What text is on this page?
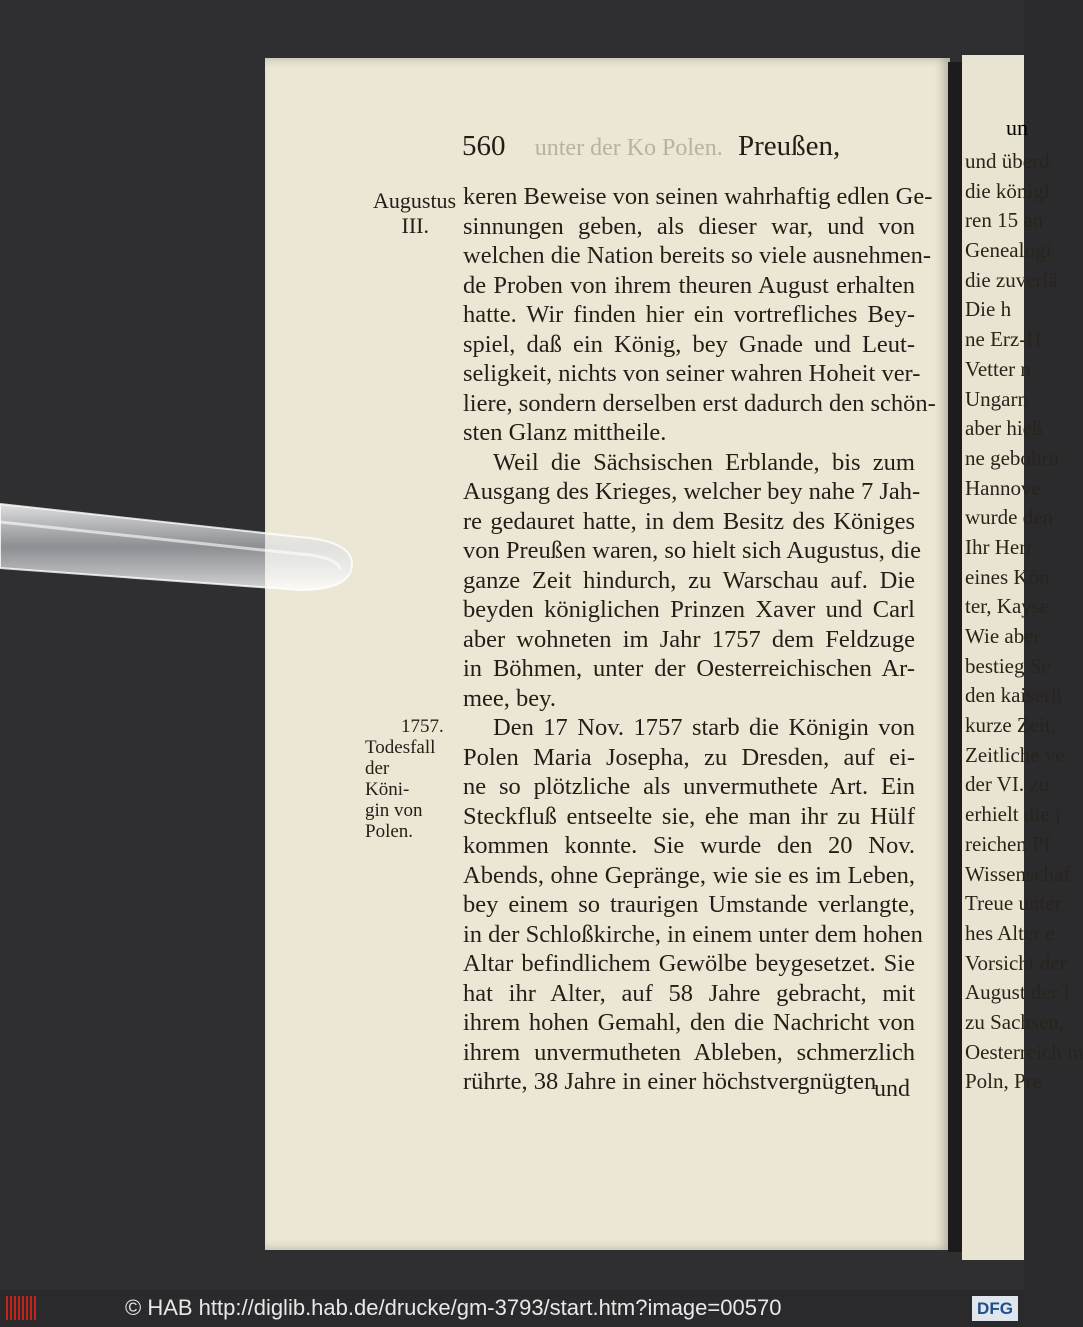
un
und überd
die königl
ren 15 an
Genealogi
die zuverlä
Die h
ne Erz-H
Vetter n
Ungarn
aber hieß
ne gebohrn
Hannove
wurde den
Ihr Herr
eines Kön
ter, Kayse
Wie aber
bestieg Se
den kaiserli
kurze Zeit,
Zeitliche ve
der VI. zu
erhielt die j
reichen Pf
Wissenschaf
Treue unter
hes Alter e
Vorsicht der
August der I
zu Sachsen,
Oesterreich in
Poln, Pre
560 unter der Ko Polen. Preußen,
Augustus
III.
1757.
Todesfall
der Köni-
gin von
Polen.
keren Beweise von seinen wahrhaftig edlen Ge-
sinnungen geben, als dieser war, und von
welchen die Nation bereits so viele ausnehmen-
de Proben von ihrem theuren August erhalten
hatte. Wir finden hier ein vortrefliches Bey-
spiel, daß ein König, bey Gnade und Leut-
seligkeit, nichts von seiner wahren Hoheit ver-
liere, sondern derselben erst dadurch den schön-
sten Glanz mittheile.
Weil die Sächsischen Erblande, bis zum
Ausgang des Krieges, welcher bey nahe 7 Jah-
re gedauret hatte, in dem Besitz des Königes
von Preußen waren, so hielt sich Augustus, die
ganze Zeit hindurch, zu Warschau auf. Die
beyden königlichen Prinzen Xaver und Carl
aber wohneten im Jahr 1757 dem Feldzuge
in Böhmen, unter der Oesterreichischen Ar-
mee, bey.
Den 17 Nov. 1757 starb die Königin von
Polen Maria Josepha, zu Dresden, auf ei-
ne so plötzliche als unvermuthete Art. Ein
Steckfluß entseelte sie, ehe man ihr zu Hülf
kommen konnte. Sie wurde den 20 Nov.
Abends, ohne Gepränge, wie sie es im Leben,
bey einem so traurigen Umstande verlangte,
in der Schloßkirche, in einem unter dem hohen
Altar befindlichem Gewölbe beygesetzet. Sie
hat ihr Alter, auf 58 Jahre gebracht, mit
ihrem hohen Gemahl, den die Nachricht von
ihrem unvermutheten Ableben, schmerzlich
rührte, 38 Jahre in einer höchstvergnügten
und
© HAB http://diglib.hab.de/drucke/gm-3793/start.htm?image=00570	DFG
